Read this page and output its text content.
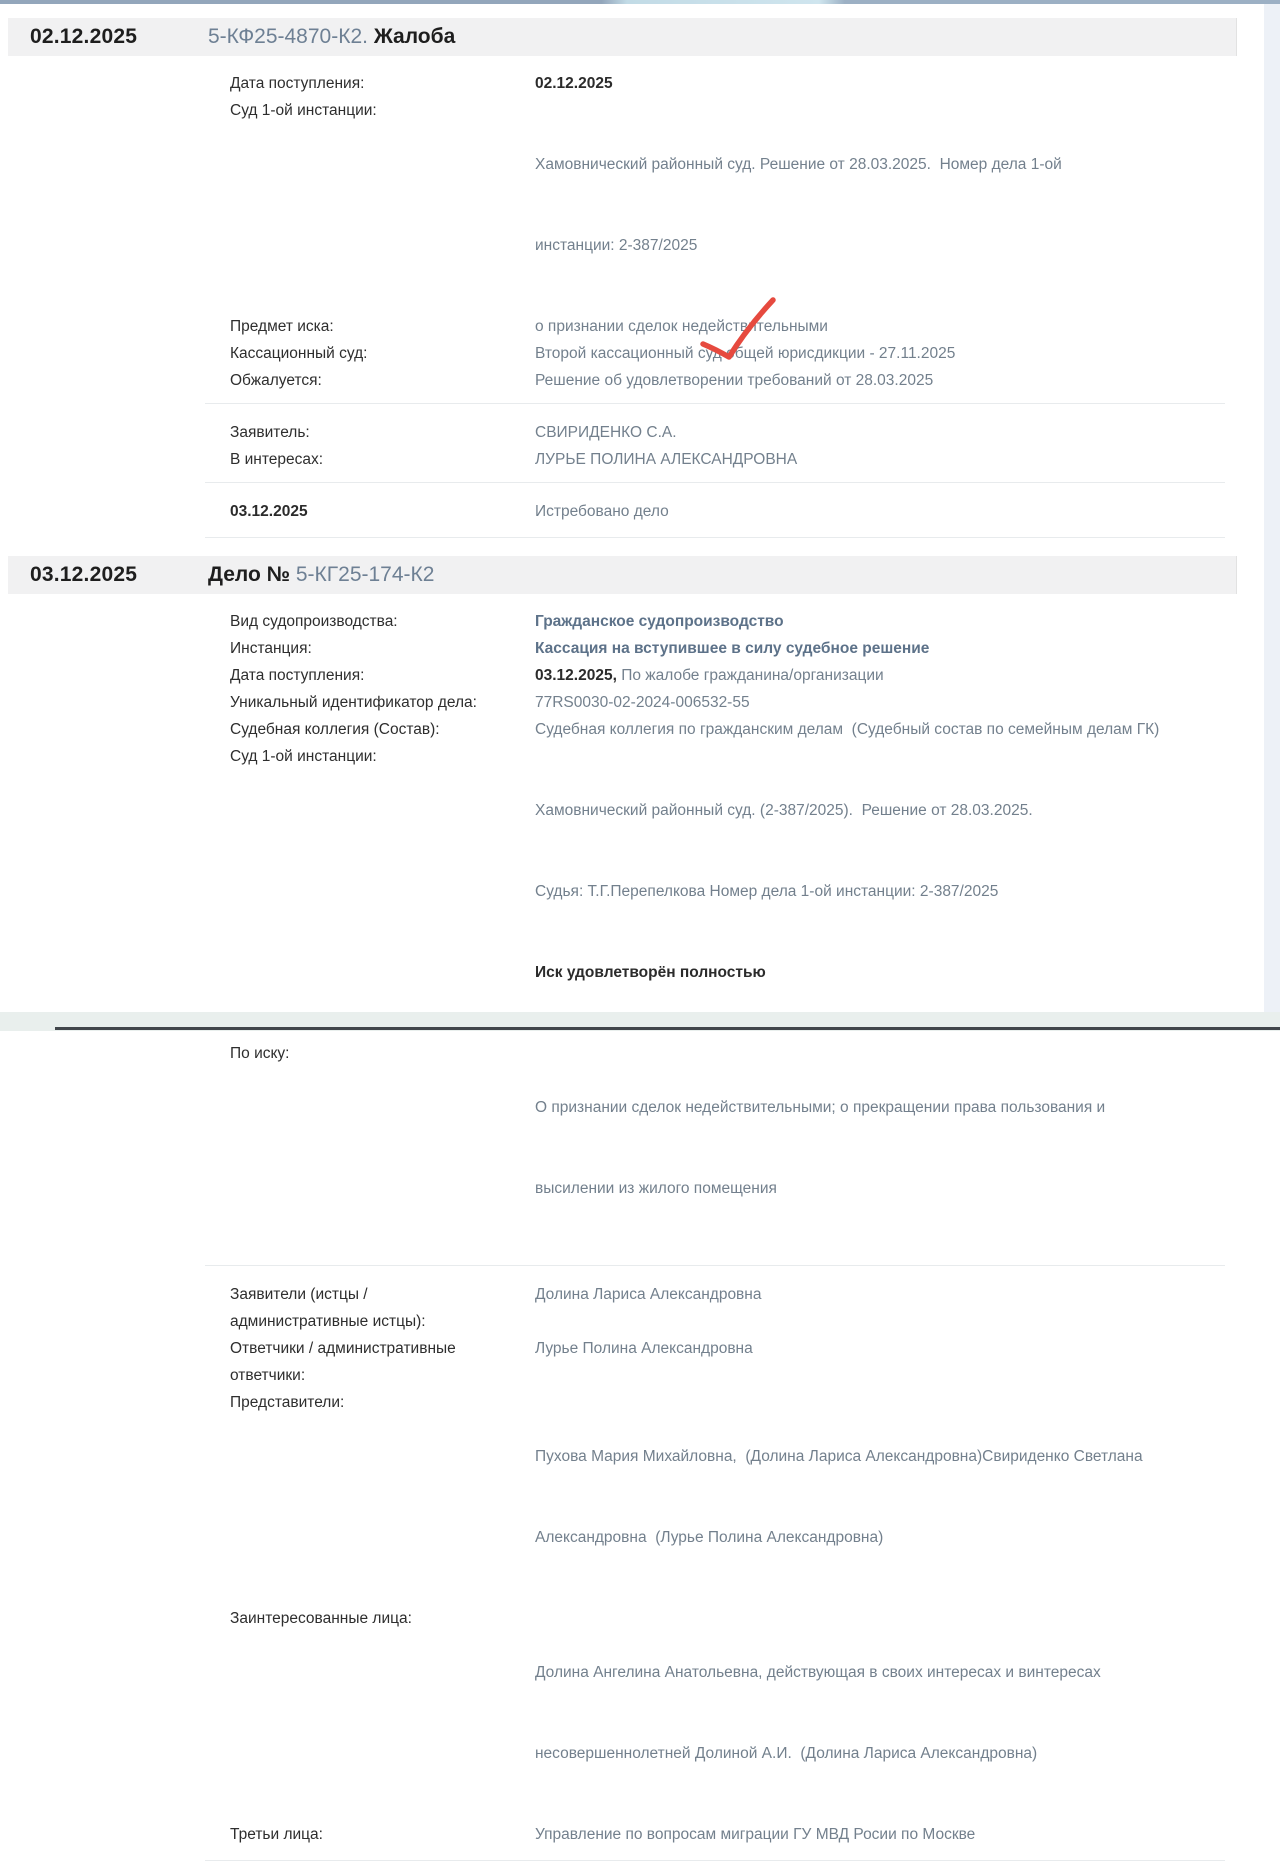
02.12.2025	5-КФ25-4870-К2. Жалоба
Дата поступления:	02.12.2025
Суд 1-ой инстанции:

Хамовнический районный суд. Решение от 28.03.2025.  Номер дела 1-ой

инстанции: 2-387/2025

Предмет иска:	о признании сделок недействительными
Кассационный суд:	Второй кассационный суд общей юрисдикции - 27.11.2025
Обжалуется:	Решение об удовлетворении требований от 28.03.2025
Заявитель:	СВИРИДЕНКО С.А.
В интересах:	ЛУРЬЕ ПОЛИНА АЛЕКСАНДРОВНА
03.12.2025	Истребовано дело
03.12.2025	Дело № 5-КГ25-174-К2
Вид судопроизводства:	Гражданское судопроизводство
Инстанция:	Кассация на вступившее в силу судебное решение
Дата поступления:	03.12.2025, По жалобе гражданина/организации
Уникальный идентификатор дела:	77RS0030-02-2024-006532-55
Судебная коллегия (Состав):	Судебная коллегия по гражданским делам  (Судебный состав по семейным делам ГК)
Суд 1-ой инстанции:

Хамовнический районный суд. (2-387/2025).  Решение от 28.03.2025.

Судья: Т.Г.Перепелкова Номер дела 1-ой инстанции: 2-387/2025

Иск удовлетворён полностью

По иску:

О признании сделок недействительными; о прекращении права пользования и

высилении из жилого помещения

Заявители (истцы / административные истцы):
Долина Лариса Александровна
Ответчики / административные ответчики:
Лурье Полина Александровна
Представители:

Пухова Мария Михайловна,  (Долина Лариса Александровна)Свириденко Светлана

Александровна  (Лурье Полина Александровна)

Заинтересованные лица:

Долина Ангелина Анатольевна, действующая в своих интересах и винтересах

несовершеннолетней Долиной А.И.  (Долина Лариса Александровна)

Третьи лица:	Управление по вопросам миграции ГУ МВД Росии по Москве
